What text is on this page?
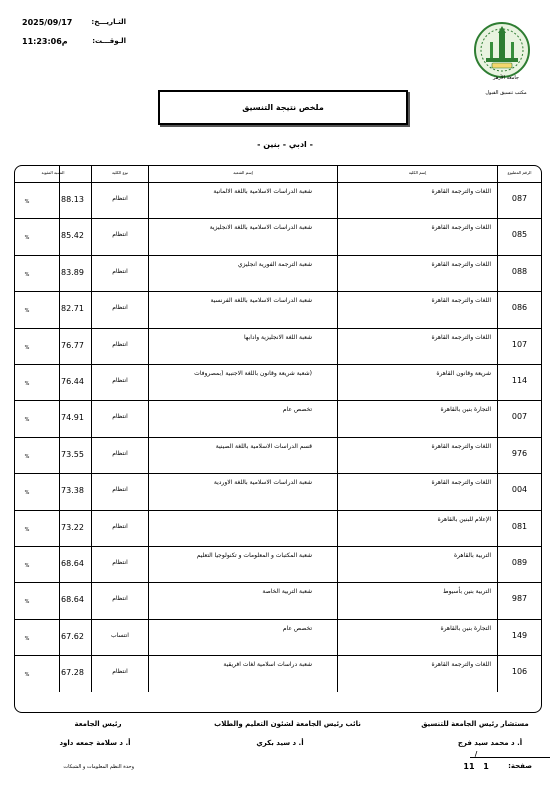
جامعة الأزهر
مكتب تنسيق القبول
التـاريـــخ:
2025/09/17
الـوقـــت:
11:23:06م
ملخص نتيجة التنسيق
- ادبي - بنين -
الرقم المطبوع
إسم الكلية
إسم الشعبة
نوع الكلية
النسبة المئوية
087
اللغات والترجمة القاهرة
شعبة الدراسات الاسلامية باللغة الالمانية
انتظام
88.13
%
085
اللغات والترجمة القاهرة
شعبة الدراسات الاسلامية باللغة الانجليزية
انتظام
85.42
%
088
اللغات والترجمة القاهرة
شعبة الترجمة الفورية انجليزي
انتظام
83.89
%
086
اللغات والترجمة القاهرة
شعبة الدراسات الاسلامية باللغة الفرنسية
انتظام
82.71
%
107
اللغات والترجمة القاهرة
شعبة اللغة الانجليزية وادابها
انتظام
76.77
%
114
شريعة وقانون القاهرة
(شعبة شريعة وقانون باللغة الاجنبية (بمصروفات
انتظام
76.44
%
007
التجارة بنين بالقاهرة
تخصص عام
انتظام
74.91
%
976
اللغات والترجمة القاهرة
قسم الدراسات الاسلامية باللغة الصينية
انتظام
73.55
%
004
اللغات والترجمة القاهرة
شعبة الدراسات الاسلامية باللغة الاوردية
انتظام
73.38
%
081
الإعلام للبنين بالقاهرة
انتظام
73.22
%
089
التربية بالقاهرة
شعبة المكتبات و المعلومات و تكنولوجيا التعليم
انتظام
68.64
%
987
التربية بنين بأسيوط
شعبة التربية الخاصة
انتظام
68.64
%
149
التجارة بنين بالقاهرة
تخصص عام
انتساب
67.62
%
106
اللغات والترجمة القاهرة
شعبة دراسات اسلامية لغات افريقية
انتظام
67.28
%
مستشار رئيس الجامعة للتنسيق
أ. د محمد سيد فرج
/
نائب رئيس الجامعة لشئون التعليم والطلاب
أ. د سيد بكري
رئيس الجامعة
أ. د سلامة جمعه داود
صفحة:
1
11
وحدة النظم المعلومات و الشبكات
